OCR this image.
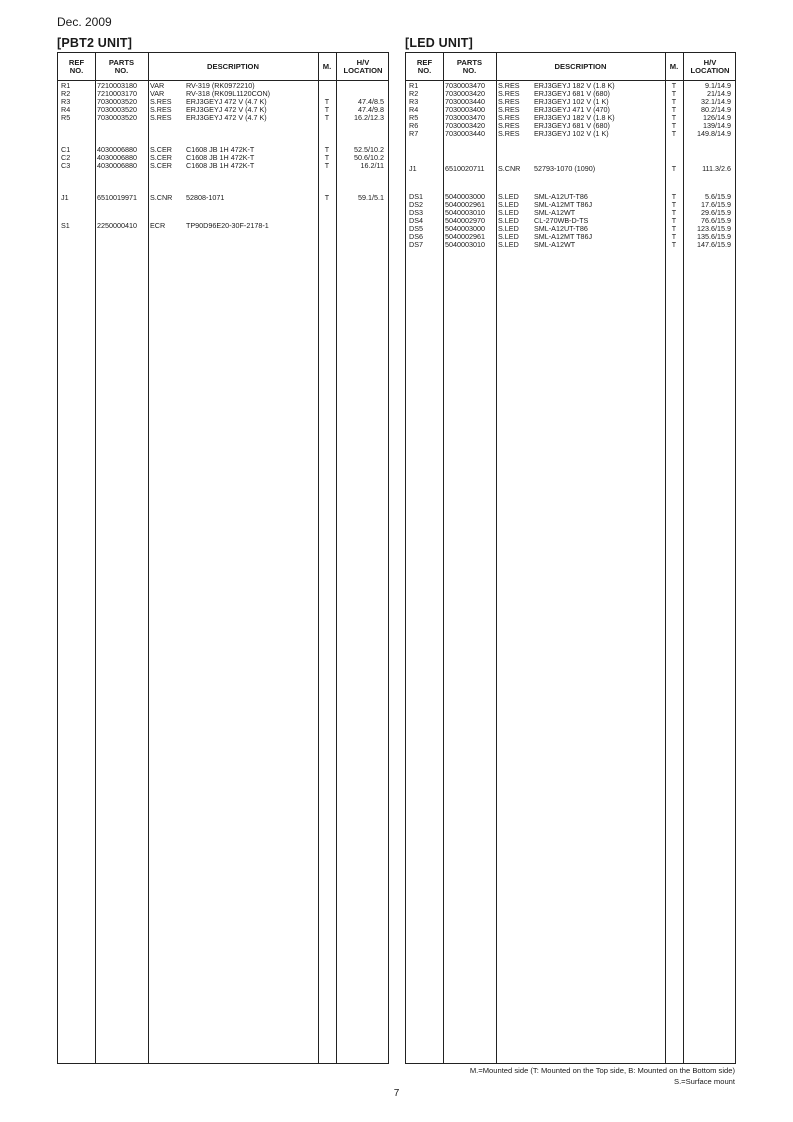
Dec. 2009
[PBT2 UNIT]	[LED UNIT]
REF
NO.
PARTS
NO.	DESCRIPTION	M.	H/V
LOCATION
R1	7210003180 VAR	RV-319 (RK0972210)
R2	7210003170 VAR	RV-318 (RK09L1120CON)
R3	7030003520 S.RES ERJ3GEYJ 472 V (4.7 K)	T	47.4/8.5
R4	7030003520 S.RES ERJ3GEYJ 472 V (4.7 K)	T	47.4/9.8
R5	7030003520 S.RES ERJ3GEYJ 472 V (4.7 K)	T	16.2/12.3
C1	4030006880 S.CER C1608 JB 1H 472K-T	T	52.5/10.2
C2	4030006880 S.CER C1608 JB 1H 472K-T	T	50.6/10.2
C3	4030006880 S.CER C1608 JB 1H 472K-T	T	16.2/11
J1	6510019971 S.CNR 52808-1071	T	59.1/5.1
S1	2250000410 ECR	TP90D96E20-30F-2178-1
REF
NO.
PARTS
NO.	DESCRIPTION	M.	H/V
LOCATION
R1	7030003470 S.RES ERJ3GEYJ 182 V (1.8 K)	T	9.1/14.9
R2	7030003420 S.RES ERJ3GEYJ 681 V (680)	T	21/14.9
R3	7030003440 S.RES ERJ3GEYJ 102 V (1 K)	T	32.1/14.9
R4	7030003400 S.RES ERJ3GEYJ 471 V (470)	T	80.2/14.9
R5	7030003470 S.RES ERJ3GEYJ 182 V (1.8 K)	T	126/14.9
R6	7030003420 S.RES ERJ3GEYJ 681 V (680)	T	139/14.9
R7	7030003440 S.RES ERJ3GEYJ 102 V (1 K)	T	149.8/14.9
J1	6510020711 S.CNR 52793-1070 (1090)	T	111.3/2.6
DS1	5040003000 S.LED SML-A12UT-T86	T	5.6/15.9
DS2	5040002961 S.LED SML-A12MT T86J	T	17.6/15.9
DS3	5040003010 S.LED SML-A12WT	T	29.6/15.9
DS4	5040002970 S.LED CL-270WB-D-TS	T	76.6/15.9
DS5	5040003000 S.LED SML-A12UT-T86	T	123.6/15.9
DS6	5040002961 S.LED SML-A12MT T86J	T	135.6/15.9
DS7	5040003010 S.LED SML-A12WT	T	147.6/15.9
M.=Mounted side (T: Mounted on the Top side, B: Mounted on the Bottom side)
S.=Surface mount
7
